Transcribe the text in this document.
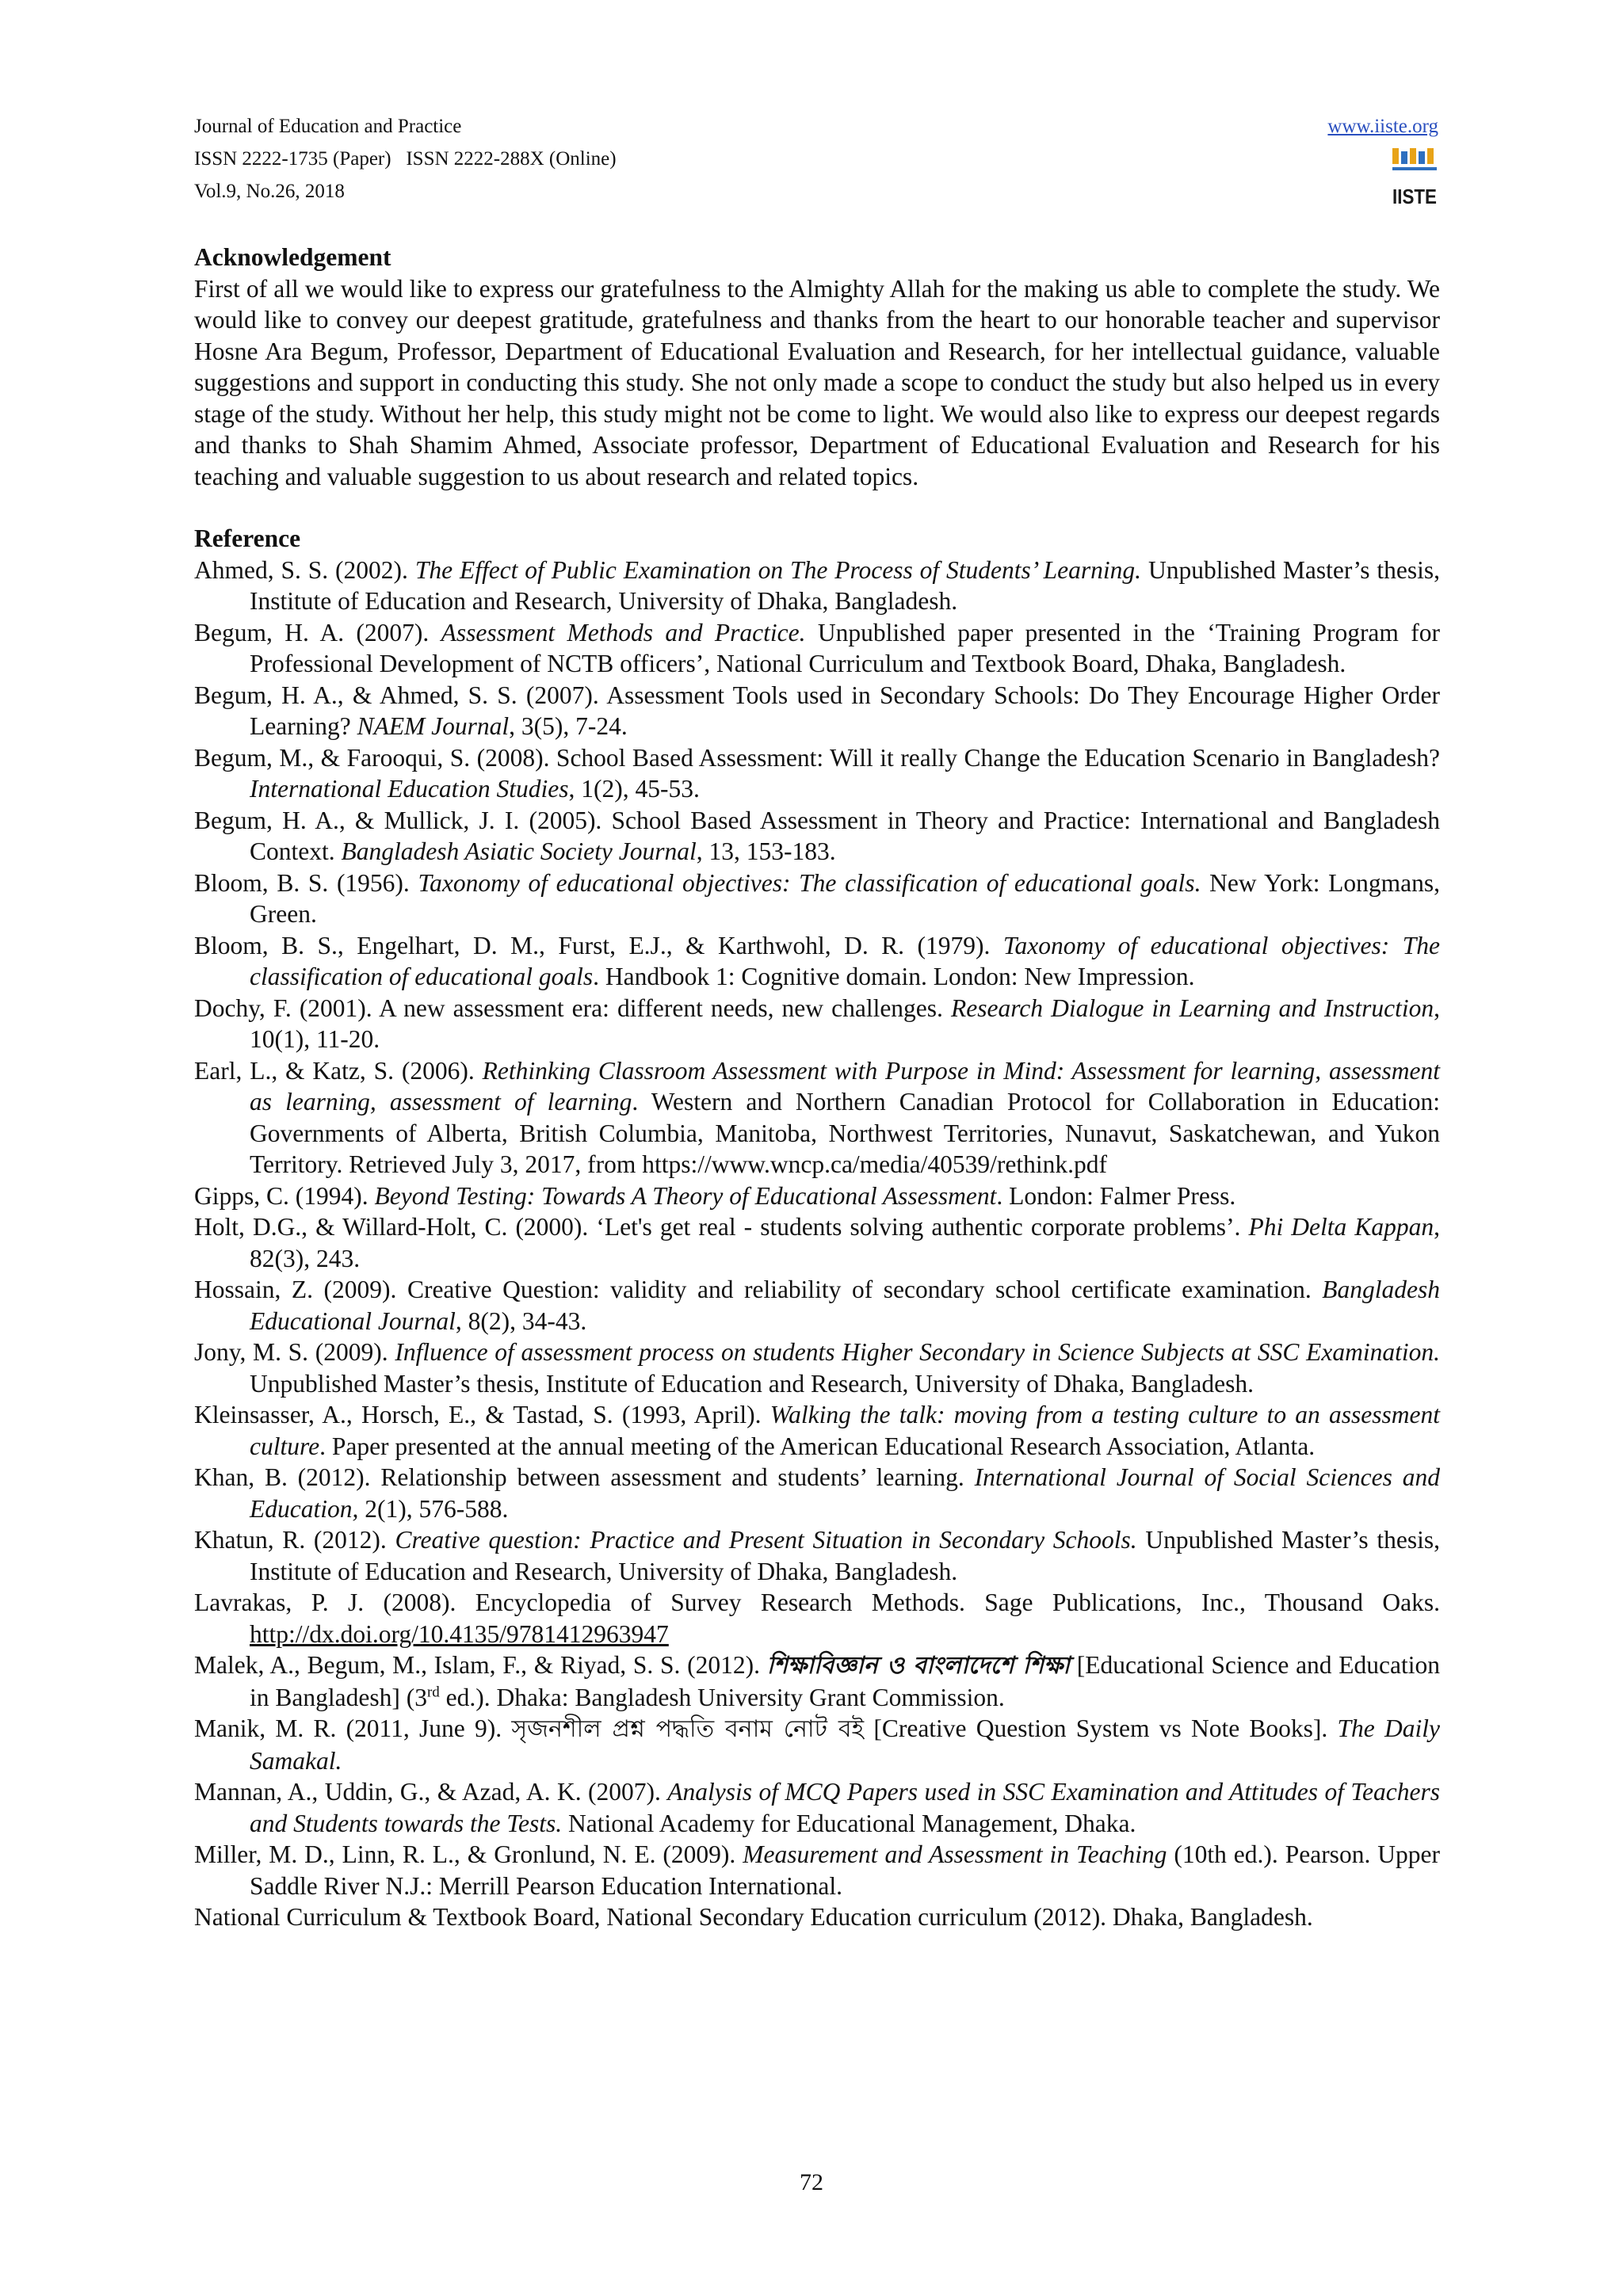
Journal of Education and Practice
ISSN 2222-1735 (Paper)   ISSN 2222-288X (Online)
Vol.9, No.26, 2018
www.iiste.org
IISTE
Acknowledgement

First of all we would like to express our gratefulness to the Almighty Allah for the making us able to complete the study. We would like to convey our deepest gratitude, gratefulness and thanks from the heart to our honorable teacher and supervisor Hosne Ara Begum, Professor, Department of Educational Evaluation and Research, for her intellectual guidance, valuable suggestions and support in conducting this study. She not only made a scope to conduct the study but also helped us in every stage of the study. Without her help, this study might not be come to light. We would also like to express our deepest regards and thanks to Shah Shamim Ahmed, Associate professor, Department of Educational Evaluation and Research for his teaching and valuable suggestion to us about research and related topics.

Reference

Ahmed, S. S. (2002). The Effect of Public Examination on The Process of Students’ Learning. Unpublished Master’s thesis, Institute of Education and Research, University of Dhaka, Bangladesh.

Begum, H. A. (2007). Assessment Methods and Practice. Unpublished paper presented in the ‘Training Program for Professional Development of NCTB officers’, National Curriculum and Textbook Board, Dhaka, Bangladesh.

Begum, H. A., & Ahmed, S. S. (2007). Assessment Tools used in Secondary Schools: Do They Encourage Higher Order Learning? NAEM Journal, 3(5), 7-24.

Begum, M., & Farooqui, S. (2008). School Based Assessment: Will it really Change the Education Scenario in Bangladesh? International Education Studies, 1(2), 45-53.

Begum, H. A., & Mullick, J. I. (2005). School Based Assessment in Theory and Practice: International and Bangladesh Context. Bangladesh Asiatic Society Journal, 13, 153-183.

Bloom, B. S. (1956). Taxonomy of educational objectives: The classification of educational goals. New York: Longmans, Green.

Bloom, B. S., Engelhart, D. M., Furst, E.J., & Karthwohl, D. R. (1979). Taxonomy of educational objectives: The classification of educational goals. Handbook 1: Cognitive domain. London: New Impression.

Dochy, F. (2001). A new assessment era: different needs, new challenges. Research Dialogue in Learning and Instruction, 10(1), 11-20.

Earl, L., & Katz, S. (2006). Rethinking Classroom Assessment with Purpose in Mind: Assessment for learning, assessment as learning, assessment of learning. Western and Northern Canadian Protocol for Collaboration in Education: Governments of Alberta, British Columbia, Manitoba, Northwest Territories, Nunavut, Saskatchewan, and Yukon Territory. Retrieved July 3, 2017, from https://www.wncp.ca/media/40539/rethink.pdf

Gipps, C. (1994). Beyond Testing: Towards A Theory of Educational Assessment. London: Falmer Press.

Holt, D.G., & Willard-Holt, C. (2000). ‘Let's get real - students solving authentic corporate problems’. Phi Delta Kappan, 82(3), 243.

Hossain, Z. (2009). Creative Question: validity and reliability of secondary school certificate examination. Bangladesh Educational Journal, 8(2), 34-43.

Jony, M. S. (2009). Influence of assessment process on students Higher Secondary in Science Subjects at SSC Examination. Unpublished Master’s thesis, Institute of Education and Research, University of Dhaka, Bangladesh.

Kleinsasser, A., Horsch, E., & Tastad, S. (1993, April). Walking the talk: moving from a testing culture to an assessment culture. Paper presented at the annual meeting of the American Educational Research Association, Atlanta.

Khan, B. (2012). Relationship between assessment and students’ learning. International Journal of Social Sciences and Education, 2(1), 576-588.

Khatun, R. (2012). Creative question: Practice and Present Situation in Secondary Schools. Unpublished Master’s thesis, Institute of Education and Research, University of Dhaka, Bangladesh.

Lavrakas, P. J. (2008). Encyclopedia of Survey Research Methods. Sage Publications, Inc., Thousand Oaks. http://dx.doi.org/10.4135/9781412963947

Malek, A., Begum, M., Islam, F., & Riyad, S. S. (2012). শিক্ষাবিজ্ঞান ও বাংলাদেশে শিক্ষা [Educational Science and Education in Bangladesh] (3rd ed.). Dhaka: Bangladesh University Grant Commission.

Manik, M. R. (2011, June 9). সৃজনশীল প্রশ্ন পদ্ধতি বনাম নোট বই [Creative Question System vs Note Books]. The Daily Samakal.

Mannan, A., Uddin, G., & Azad, A. K. (2007). Analysis of MCQ Papers used in SSC Examination and Attitudes of Teachers and Students towards the Tests. National Academy for Educational Management, Dhaka.

Miller, M. D., Linn, R. L., & Gronlund, N. E. (2009). Measurement and Assessment in Teaching (10th ed.). Pearson. Upper Saddle River N.J.: Merrill Pearson Education International.

National Curriculum & Textbook Board, National Secondary Education curriculum (2012). Dhaka, Bangladesh.

72
